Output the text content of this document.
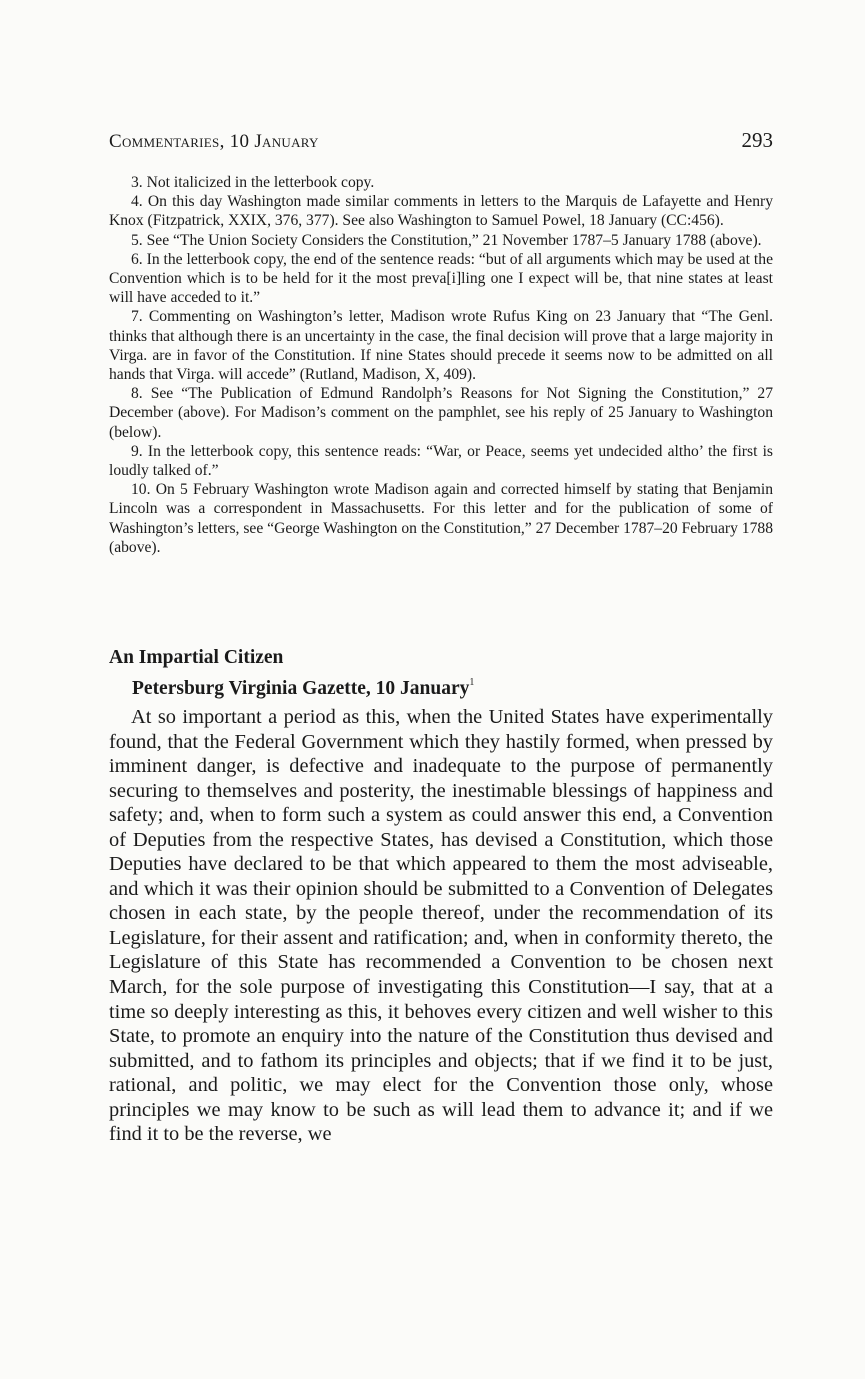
Commentaries, 10 January	293

3. Not italicized in the letterbook copy.

4. On this day Washington made similar comments in letters to the Marquis de Lafayette and Henry Knox (Fitzpatrick, XXIX, 376, 377). See also Washington to Samuel Powel, 18 January (CC:456).

5. See “The Union Society Considers the Constitution,” 21 November 1787–5 January 1788 (above).

6. In the letterbook copy, the end of the sentence reads: “but of all arguments which may be used at the Convention which is to be held for it the most preva[i]ling one I expect will be, that nine states at least will have acceded to it.”

7. Commenting on Washington’s letter, Madison wrote Rufus King on 23 January that “The Genl. thinks that although there is an uncertainty in the case, the final decision will prove that a large majority in Virga. are in favor of the Constitution. If nine States should precede it seems now to be admitted on all hands that Virga. will accede” (Rutland, Madison, X, 409).

8. See “The Publication of Edmund Randolph’s Reasons for Not Signing the Constitution,” 27 December (above). For Madison’s comment on the pamphlet, see his reply of 25 January to Washington (below).

9. In the letterbook copy, this sentence reads: “War, or Peace, seems yet undecided altho’ the first is loudly talked of.”

10. On 5 February Washington wrote Madison again and corrected himself by stating that Benjamin Lincoln was a correspondent in Massachusetts. For this letter and for the publication of some of Washington’s letters, see “George Washington on the Constitution,” 27 December 1787–20 February 1788 (above).

An Impartial Citizen

Petersburg Virginia Gazette, 10 January$^1$

At so important a period as this, when the United States have experimentally found, that the Federal Government which they hastily formed, when pressed by imminent danger, is defective and inadequate to the purpose of permanently securing to themselves and posterity, the inestimable blessings of happiness and safety; and, when to form such a system as could answer this end, a Convention of Deputies from the respective States, has devised a Constitution, which those Deputies have declared to be that which appeared to them the most adviseable, and which it was their opinion should be submitted to a Convention of Delegates chosen in each state, by the people thereof, under the recommendation of its Legislature, for their assent and ratification; and, when in conformity thereto, the Legislature of this State has recommended a Convention to be chosen next March, for the sole purpose of investigating this Constitution—I say, that at a time so deeply interesting as this, it behoves every citizen and well wisher to this State, to promote an enquiry into the nature of the Constitution thus devised and submitted, and to fathom its principles and objects; that if we find it to be just, rational, and politic, we may elect for the Convention those only, whose principles we may know to be such as will lead them to advance it; and if we find it to be the reverse, we
